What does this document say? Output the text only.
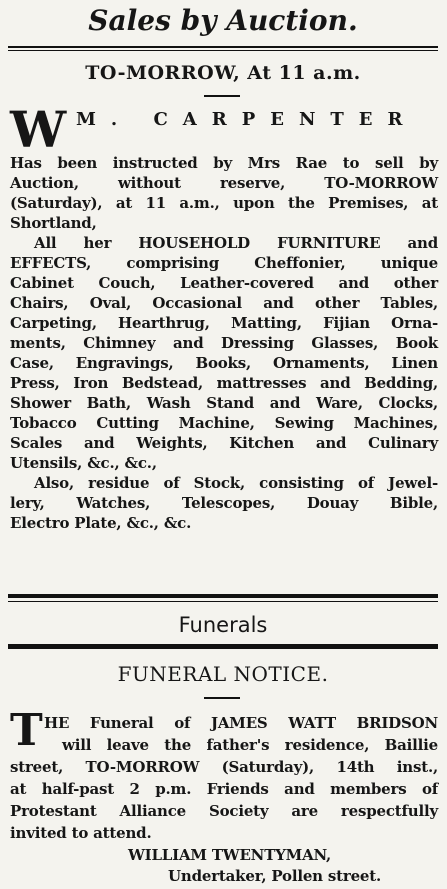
Sales by Auction.
TO-MORROW, At 11 a.m.
W M. CARPENTER
Has been instructed by Mrs Rae to sell by
Auction, without reserve, TO-MORROW
(Saturday), at 11 a.m., upon the Premises, at
Shortland,
All her HOUSEHOLD FURNITURE and
EFFECTS, comprising Cheffonier, unique
Cabinet Couch, Leather-covered and other
Chairs, Oval, Occasional and other Tables,
Carpeting, Hearthrug, Matting, Fijian Orna-
ments, Chimney and Dressing Glasses, Book
Case, Engravings, Books, Ornaments, Linen
Press, Iron Bedstead, mattresses and Bedding,
Shower Bath, Wash Stand and Ware, Clocks,
Tobacco Cutting Machine, Sewing Machines,
Scales and Weights, Kitchen and Culinary
Utensils, &c., &c.,
Also, residue of Stock, consisting of Jewel-
lery, Watches, Telescopes, Douay Bible,
Electro Plate, &c., &c.
Funerals
FUNERAL NOTICE.
T HE Funeral of JAMES WATT BRIDSON
will leave the father's residence, Baillie
street, TO-MORROW (Saturday), 14th inst.,
at half-past 2 p.m. Friends and members of
Protestant Alliance Society are respectfully
invited to attend.
WILLIAM TWENTYMAN,
Undertaker, Pollen street.
